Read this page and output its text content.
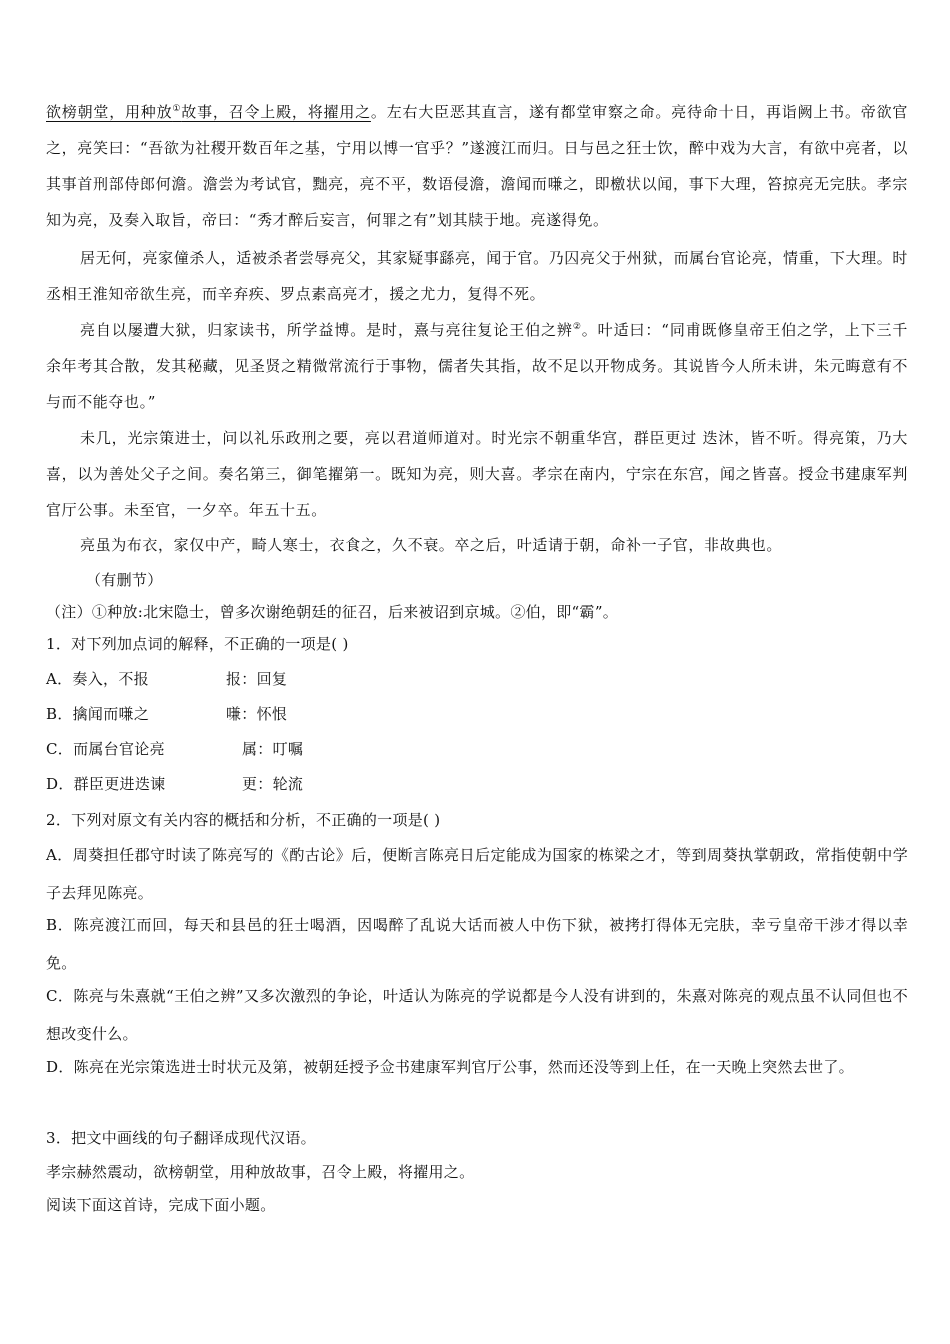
欲榜朝堂，用种放①故事，召令上殿，将擢用之。左右大臣恶其直言，遂有都堂审察之命。亮待命十日，再诣阙上书。帝欲官之，亮笑曰：“吾欲为社稷开数百年之基，宁用以博一官乎？”遂渡江而归。日与邑之狂士饮，醉中戏为大言，有欲中亮者，以其事首刑部侍郎何澹。澹尝为考试官，黜亮，亮不平，数语侵澹，澹闻而嗛之，即檄状以闻，事下大理，笞掠亮无完肤。孝宗知为亮，及奏入取旨，帝曰：“秀才醉后妄言，何罪之有”划其牍于地。亮遂得免。

居无何，亮家僮杀人，适被杀者尝辱亮父，其家疑事繇亮，闻于官。乃囚亮父于州狱，而属台官论亮，情重，下大理。时丞相王淮知帝欲生亮，而辛弃疾、罗点素高亮才，援之尤力，复得不死。

亮自以屡遭大狱，归家读书，所学益博。是时，熹与亮往复论王伯之辨②。叶适曰：“同甫既修皇帝王伯之学，上下三千余年考其合散，发其秘藏，见圣贤之精微常流行于事物，儒者失其指，故不足以开物成务。其说皆今人所未讲，朱元晦意有不与而不能夺也。”

未几，光宗策进士，问以礼乐政刑之要，亮以君道师道对。时光宗不朝重华宫，群臣更过 迭沐，皆不听。得亮策，乃大喜，以为善处父子之间。奏名第三，御笔擢第一。既知为亮，则大喜。孝宗在南内，宁宗在东宫，闻之皆喜。授佥书建康军判官厅公事。未至官，一夕卒。年五十五。

亮虽为布衣，家仅中产，畸人寒士，衣食之，久不衰。卒之后，叶适请于朝，命补一子官，非故典也。

（有删节）

（注）①种放:北宋隐士，曾多次谢绝朝廷的征召，后来被诏到京城。②伯，即“霸”。

1．对下列加点词的解释，不正确的一项是( )

A．奏入，不报	报：回复

B．擒闻而嗛之	嗛：怀恨

C．而属台官论亮	属：叮嘱

D．群臣更进迭谏	更：轮流

2．下列对原文有关内容的概括和分析，不正确的一项是( )

A．周葵担任郡守时读了陈亮写的《酌古论》后，便断言陈亮日后定能成为国家的栋梁之才，等到周葵执掌朝政，常指使朝中学子去拜见陈亮。

B．陈亮渡江而回，每天和县邑的狂士喝酒，因喝醉了乱说大话而被人中伤下狱，被拷打得体无完肤，幸亏皇帝干涉才得以幸免。

C．陈亮与朱熹就“王伯之辨”又多次激烈的争论，叶适认为陈亮的学说都是今人没有讲到的，朱熹对陈亮的观点虽不认同但也不想改变什么。

D．陈亮在光宗策选进士时状元及第，被朝廷授予佥书建康军判官厅公事，然而还没等到上任，在一天晚上突然去世了。

3．把文中画线的句子翻译成现代汉语。

孝宗赫然震动，欲榜朝堂，用种放故事，召令上殿，将擢用之。

阅读下面这首诗，完成下面小题。
